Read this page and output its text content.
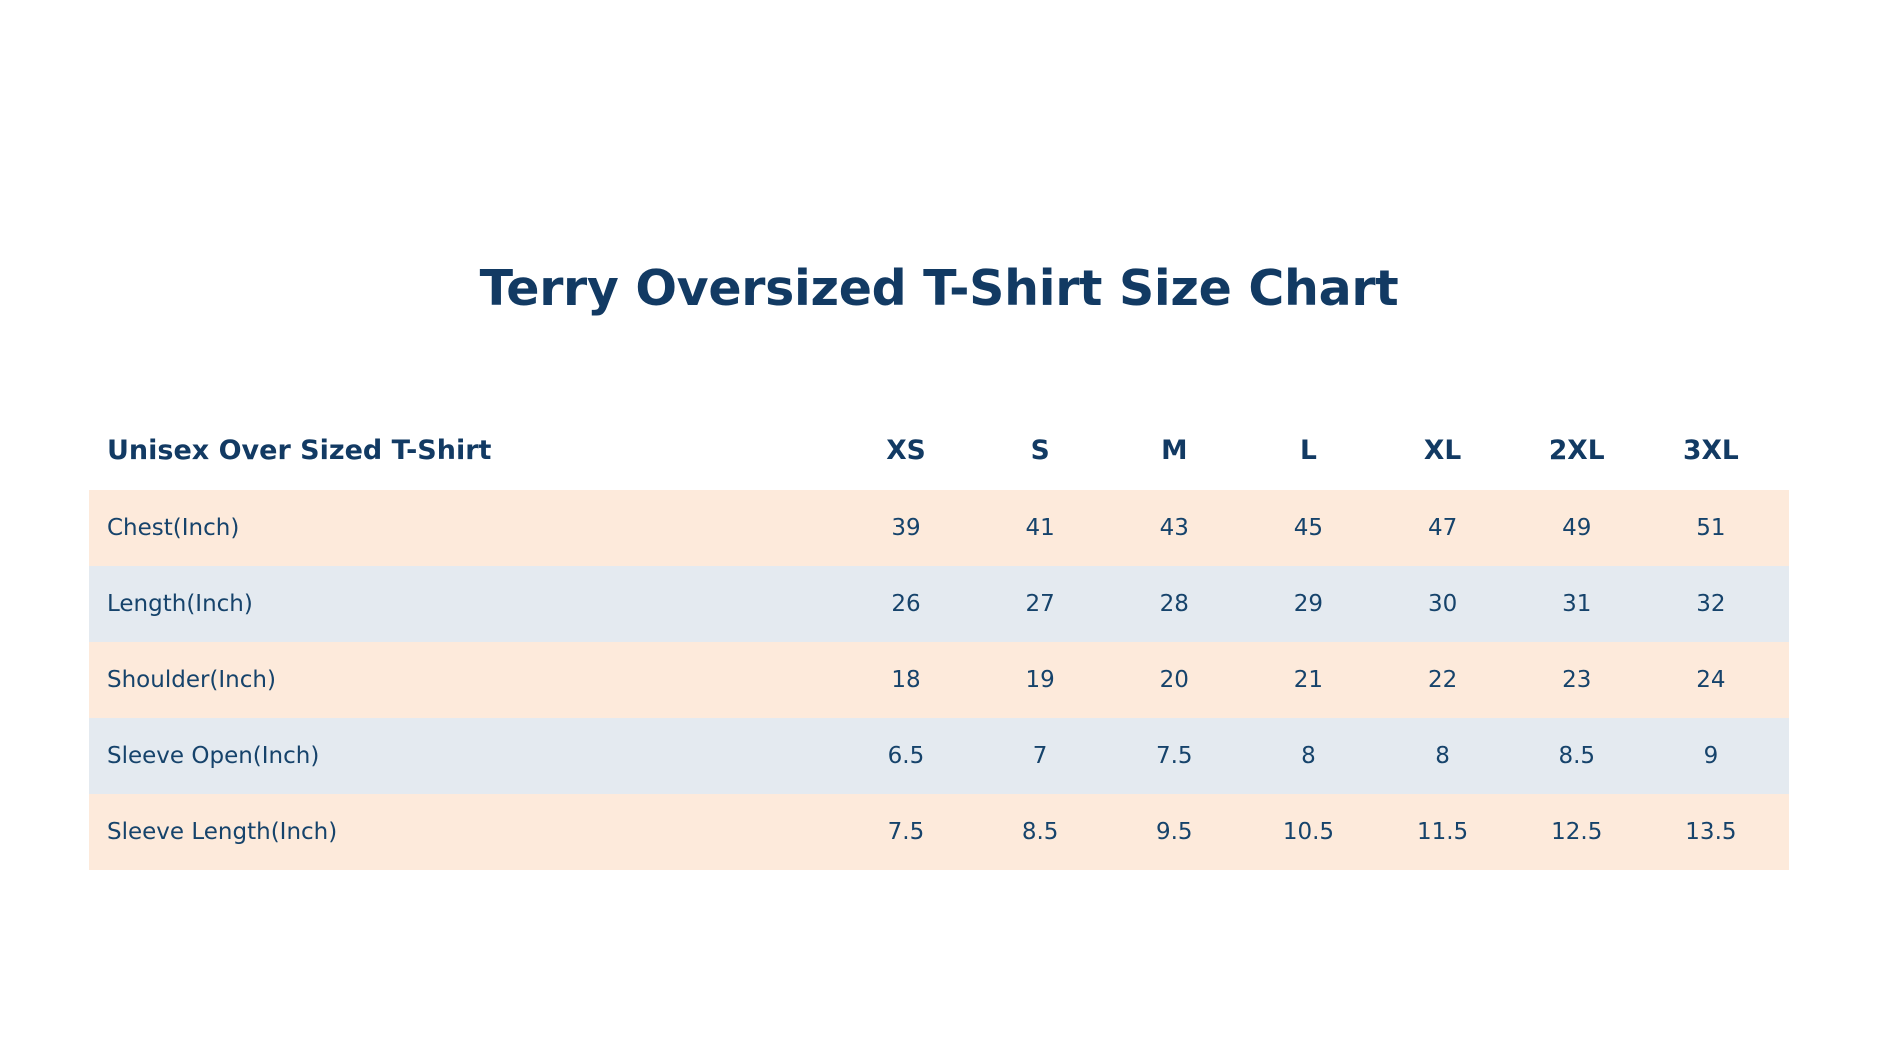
Terry Oversized T-Shirt Size Chart
Unisex Over Sized T-Shirt	XS	S	M	L	XL	2XL	3XL
Chest(Inch)	39	41	43	45	47	49	51
Length(Inch)	26	27	28	29	30	31	32
Shoulder(Inch)	18	19	20	21	22	23	24
Sleeve Open(Inch)	6.5	7	7.5	8	8	8.5	9
Sleeve Length(Inch)	7.5	8.5	9.5	10.5	11.5	12.5	13.5
